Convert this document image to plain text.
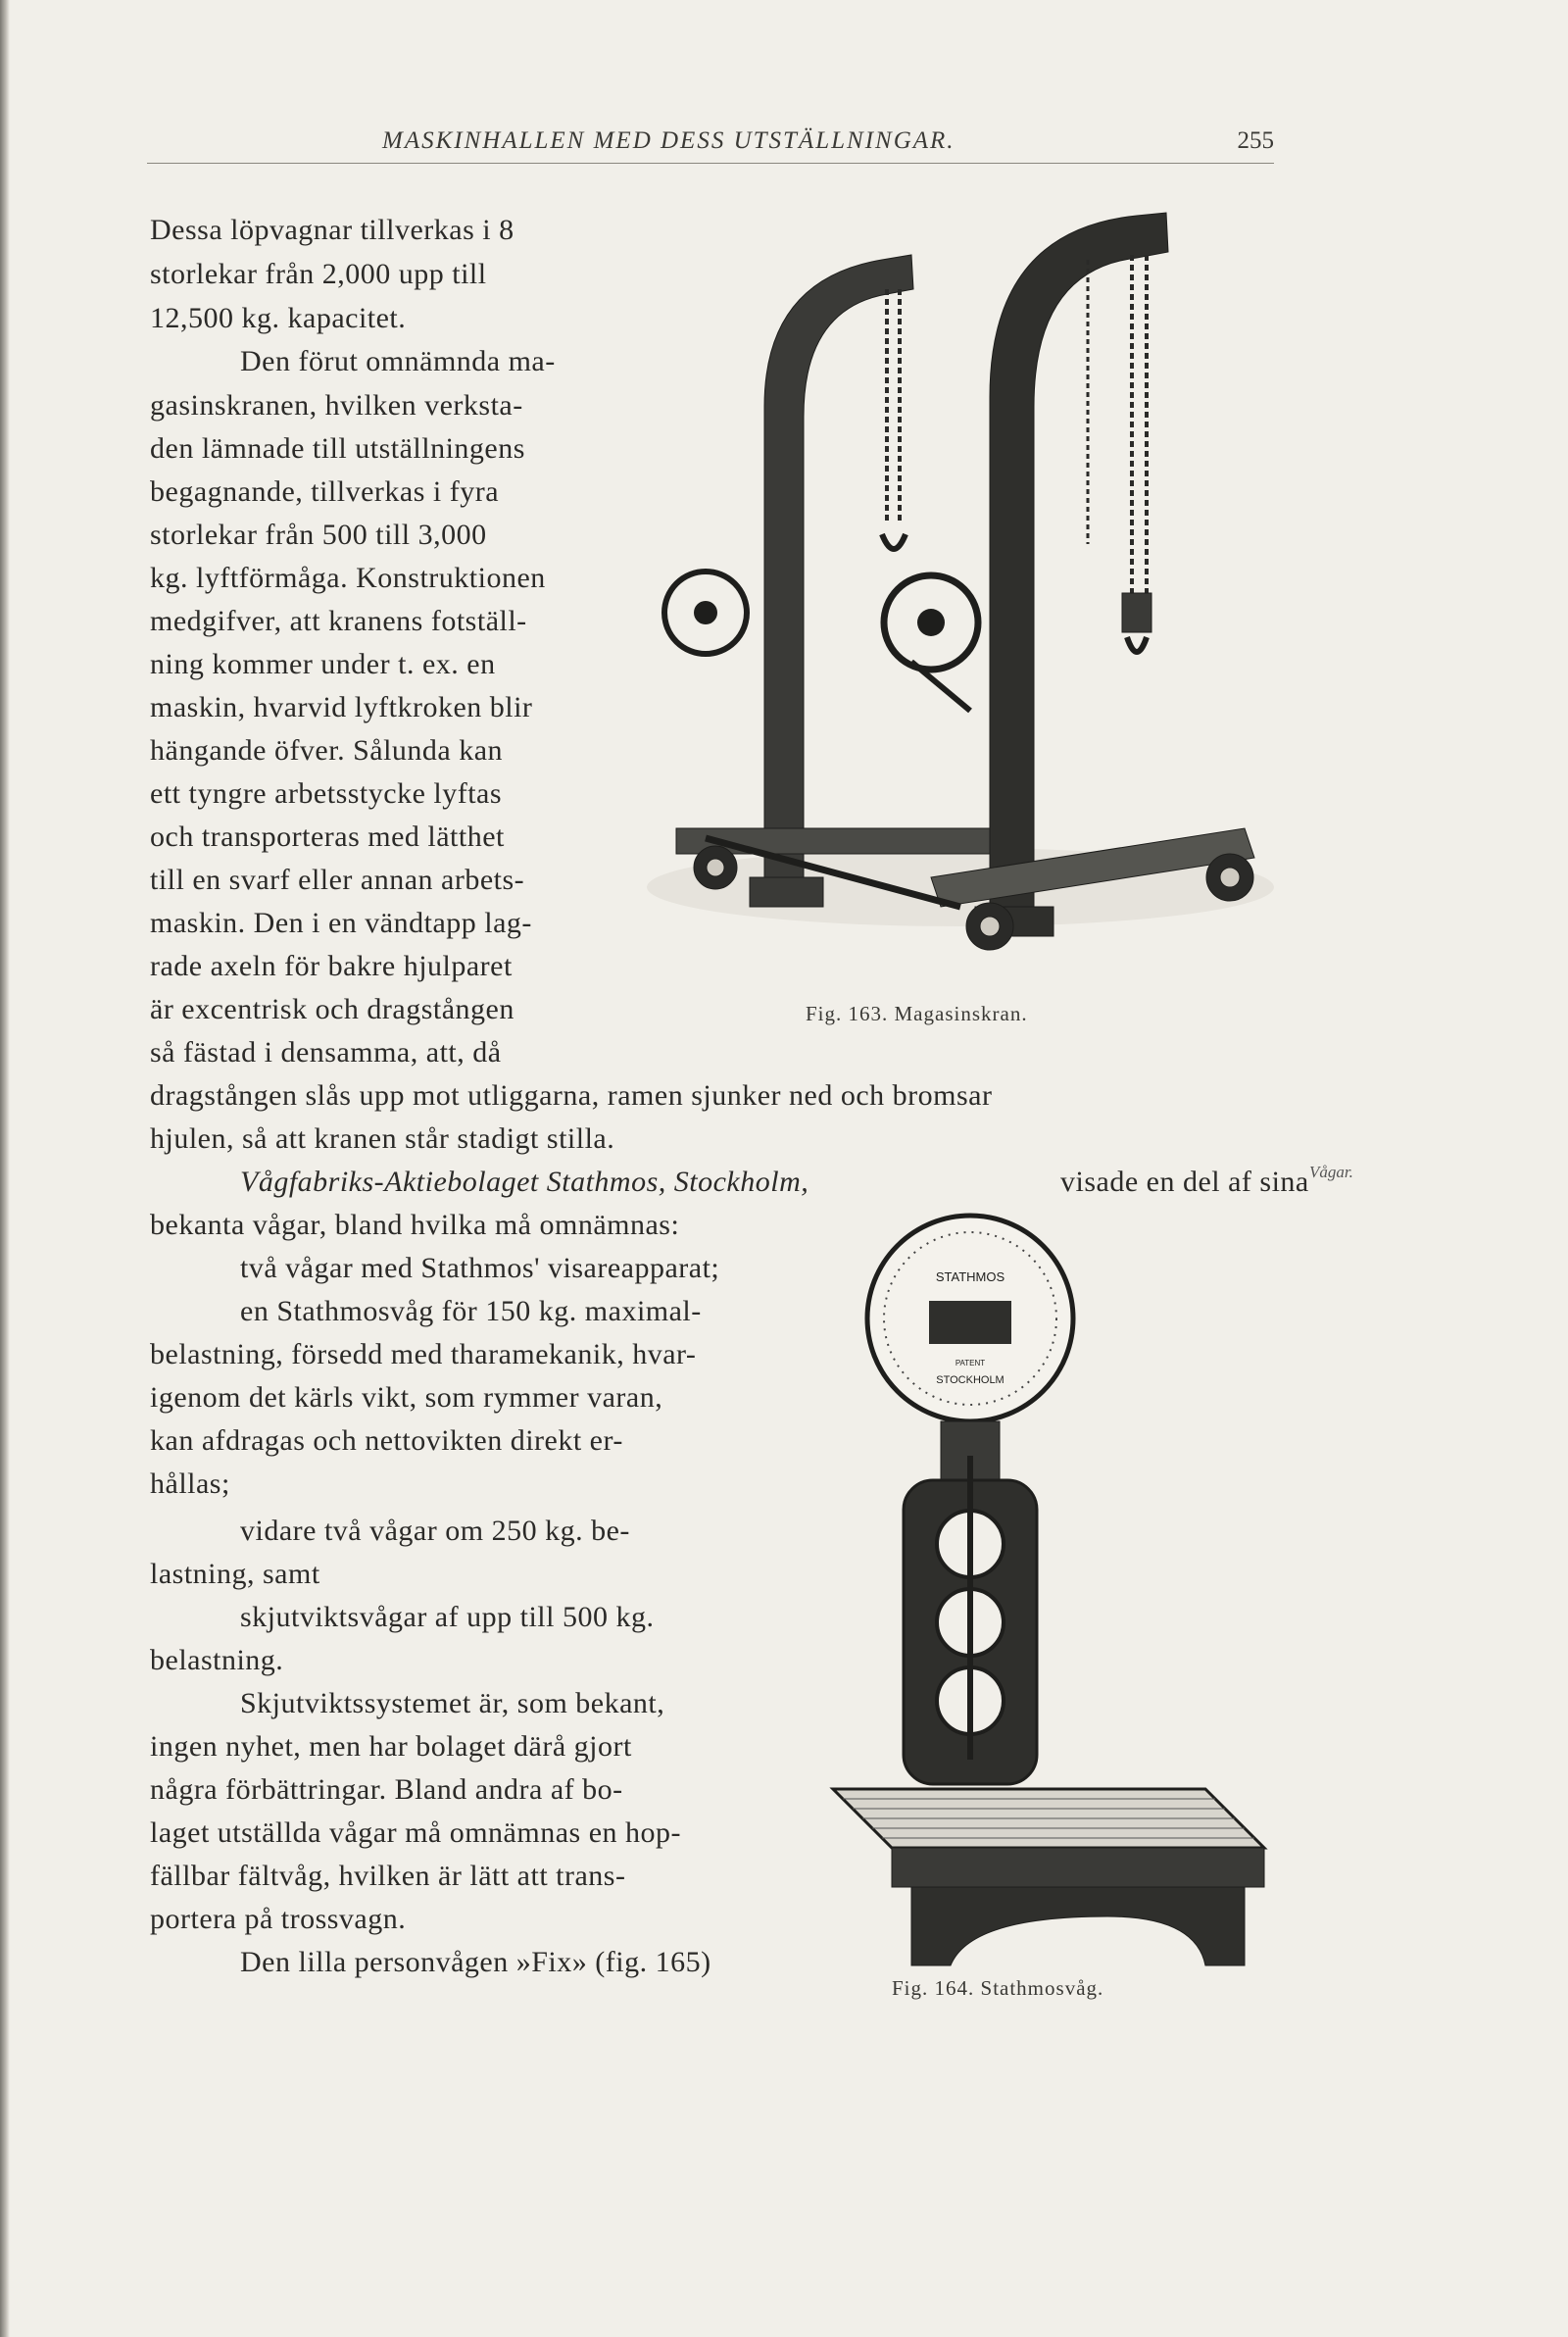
MASKINHALLEN MED DESS UTSTÄLLNINGAR.	255
Dessa löpvagnar tillverkas i 8
storlekar från 2,000 upp till
12,500 kg. kapacitet.
Den förut omnämnda ma-
gasinskranen, hvilken verksta-
den lämnade till utställningens
begagnande, tillverkas i fyra
storlekar från 500 till 3,000
kg. lyftförmåga. Konstruktionen
medgifver, att kranens fotställ-
ning kommer under t. ex. en
maskin, hvarvid lyftkroken blir
hängande öfver. Sålunda kan
ett tyngre arbetsstycke lyftas
och transporteras med lätthet
till en svarf eller annan arbets-
maskin. Den i en vändtapp lag-
rade axeln för bakre hjulparet
är excentrisk och dragstången
så fästad i densamma, att, då
dragstången slås upp mot utliggarna, ramen sjunker ned och bromsar
hjulen, så att kranen står stadigt stilla.
Vågfabriks-Aktiebolaget Stathmos, Stockholm,	visade en del af sina
bekanta vågar, bland hvilka må omnämnas:
två vågar med Stathmos' visareapparat;
en Stathmosvåg för 150 kg. maximal-
belastning, försedd med tharamekanik, hvar-
igenom det kärls vikt, som rymmer varan,
kan afdragas och nettovikten direkt er-
hållas;
vidare två vågar om 250 kg. be-
lastning, samt
skjutviktsvågar af upp till 500 kg.
belastning.
Skjutviktssystemet är, som bekant,
ingen nyhet, men har bolaget därå gjort
några förbättringar. Bland andra af bo-
laget utställda vågar må omnämnas en hop-
fällbar fältvåg, hvilken är lätt att trans-
portera på trossvagn.
Den lilla personvågen »Fix» (fig. 165)
Vågar.
Fig. 163. Magasinskran.
STATHMOS
PATENT
STOCKHOLM
Fig. 164. Stathmosvåg.
